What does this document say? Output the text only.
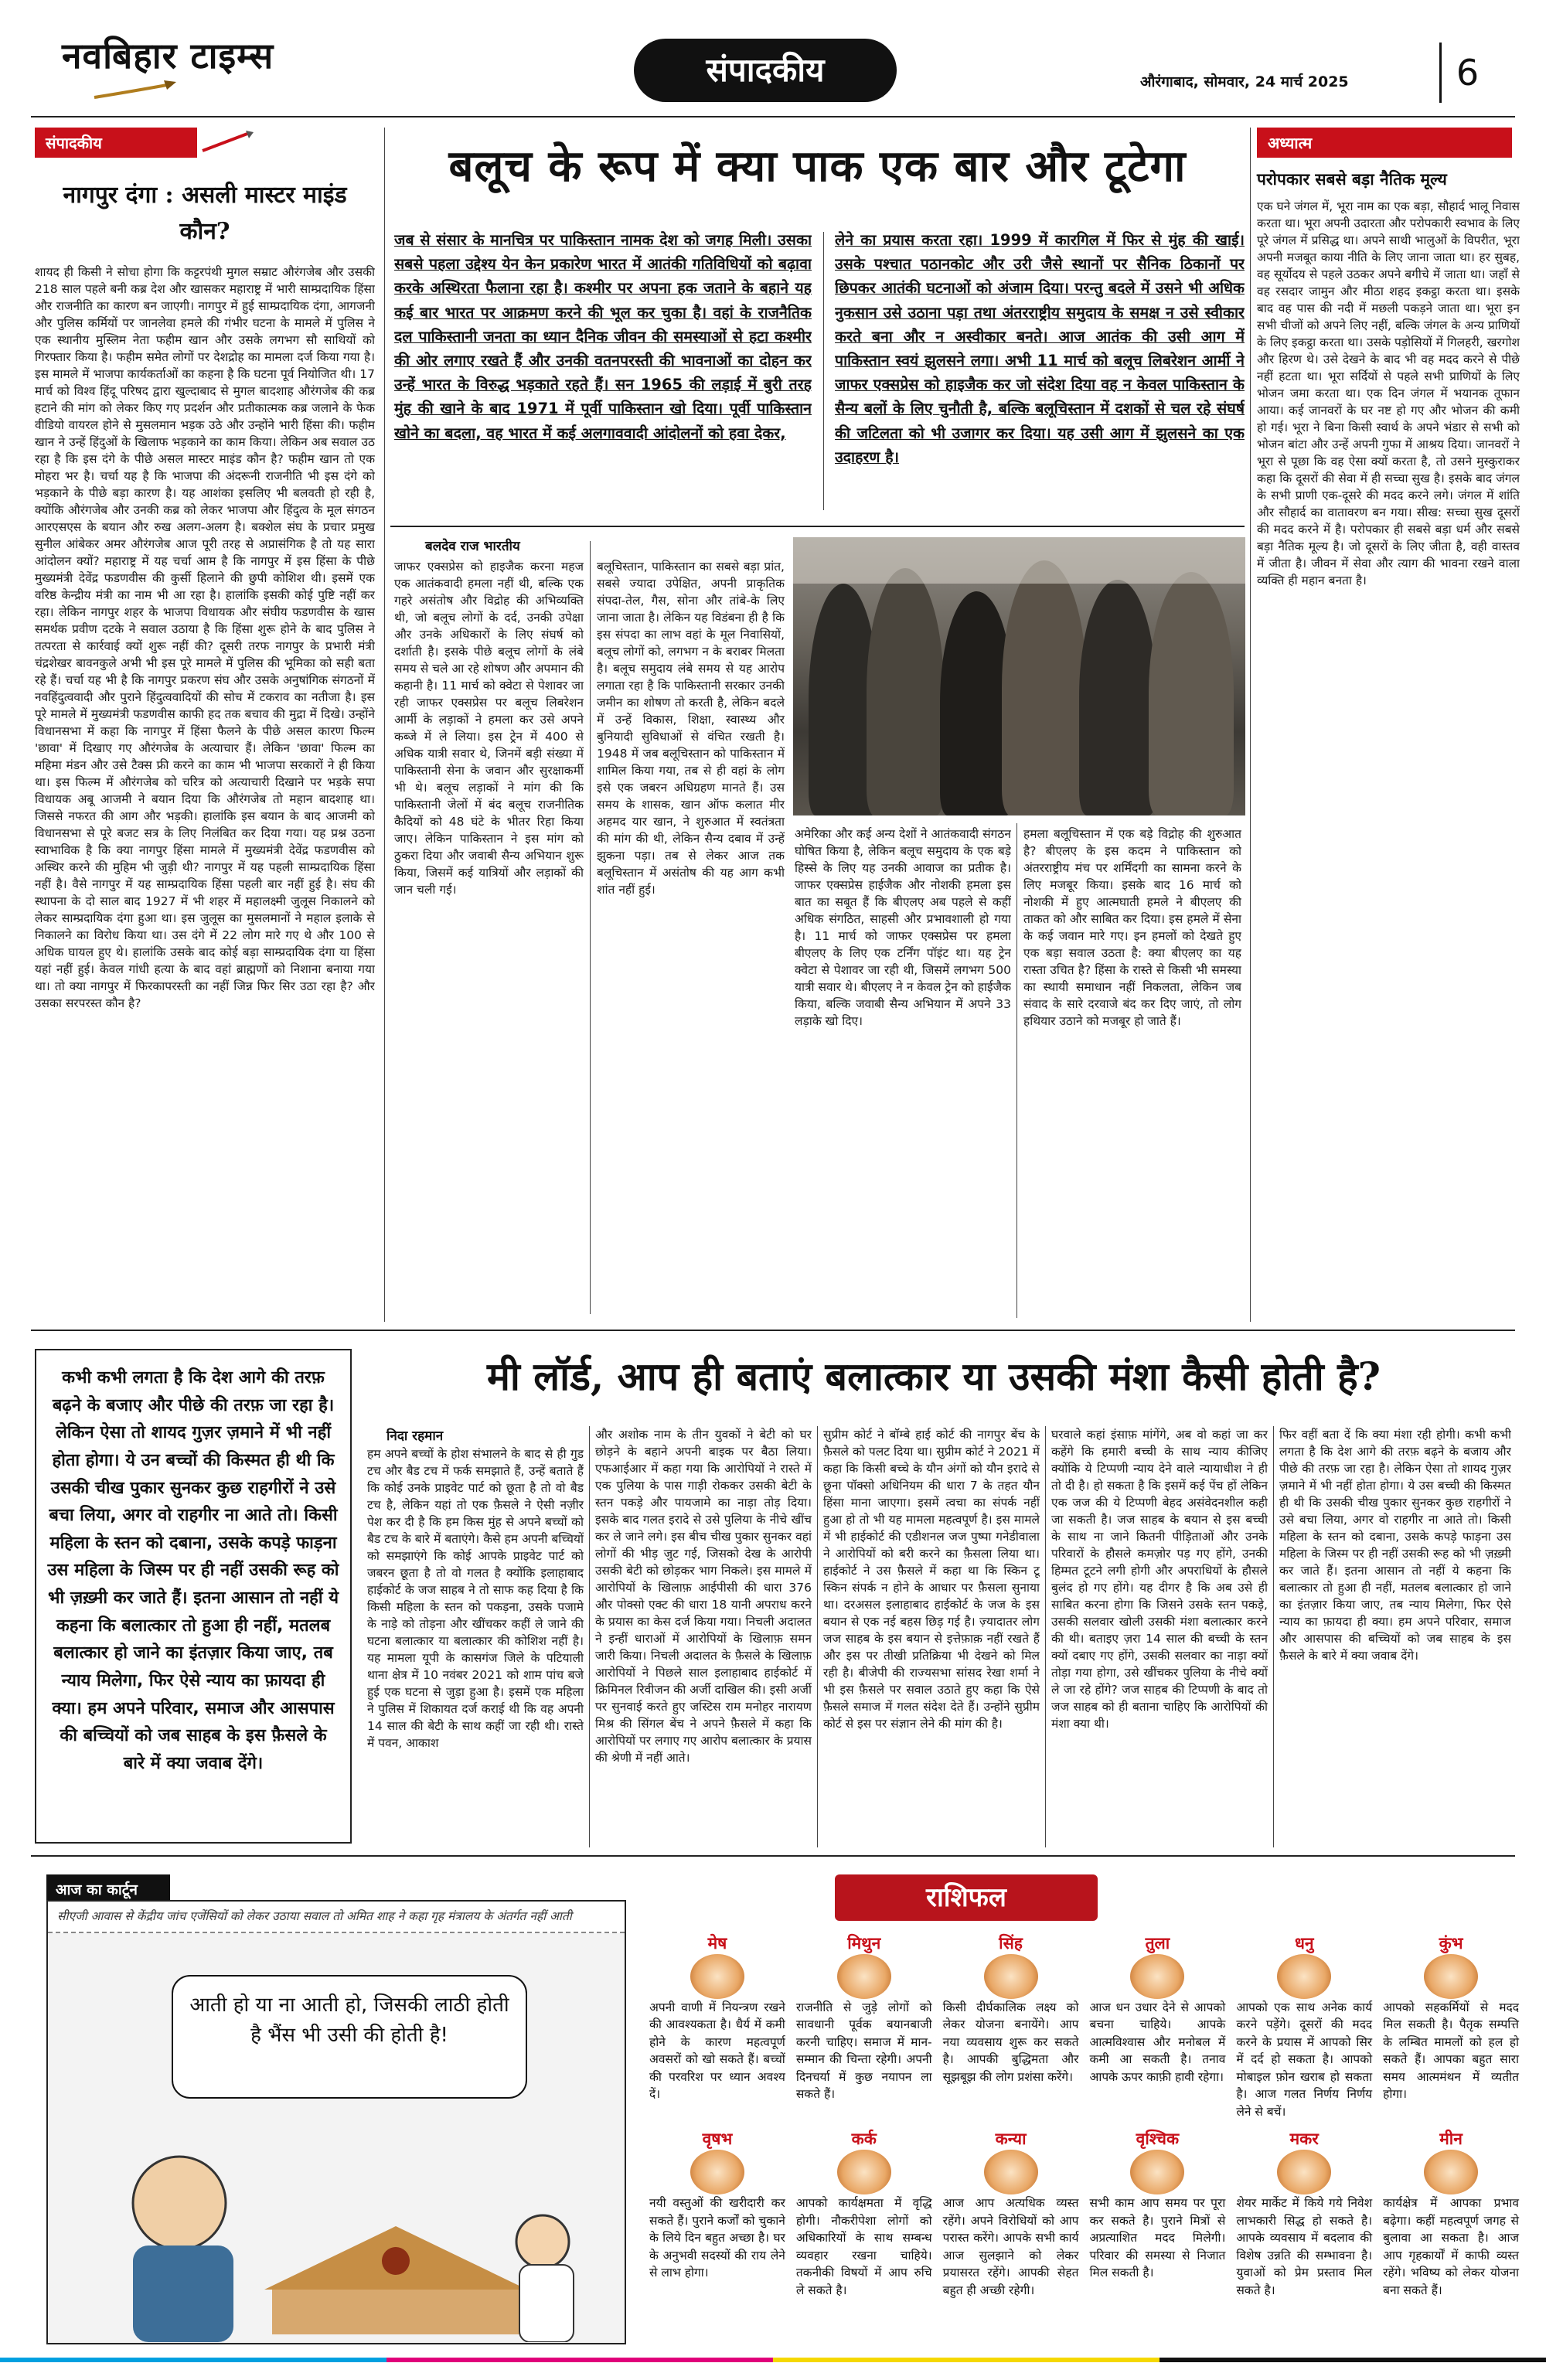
नवबिहार टाइम्स	संपादकीय	औरंगाबाद, सोमवार, 24 मार्च 2025	6
संपादकीय
नागपुर दंगा : असली मास्टर माइंड कौन?
शायद ही किसी ने सोचा होगा कि कट्टरपंथी मुगल सम्राट औरंगजेब और उसकी 218 साल पहले बनी कब्र देश और खासकर महाराष्ट्र में भारी साम्प्रदायिक हिंसा और राजनीति का कारण बन जाएगी। नागपुर में हुई साम्प्रदायिक दंगा, आगजनी और पुलिस कर्मियों पर जानलेवा हमले की गंभीर घटना के मामले में पुलिस ने एक स्थानीय मुस्लिम नेता फहीम खान और उसके लगभग सौ साथियों को गिरफ्तार किया है। फहीम समेत लोगों पर देशद्रोह का मामला दर्ज किया गया है। इस मामले में भाजपा कार्यकर्ताओं का कहना है कि घटना पूर्व नियोजित थी। 17 मार्च को विश्व हिंदू परिषद द्वारा खुल्दाबाद से मुगल बादशाह औरंगजेब की कब्र हटाने की मांग को लेकर किए गए प्रदर्शन और प्रतीकात्मक कब्र जलाने के फेक वीडियो वायरल होने से मुसलमान भड़क उठे और उन्होंने भारी हिंसा की। फहीम खान ने उन्हें हिंदुओं के खिलाफ भड़काने का काम किया। लेकिन अब सवाल उठ रहा है कि इस दंगे के पीछे असल मास्टर माइंड कौन है? फहीम खान तो एक मोहरा भर है। चर्चा यह है कि भाजपा की अंदरूनी राजनीति भी इस दंगे को भड़काने के पीछे बड़ा कारण है। यह आशंका इसलिए भी बलवती हो रही है, क्योंकि औरंगजेब और उनकी कब्र को लेकर भाजपा और हिंदुत्व के मूल संगठन आरएसएस के बयान और रुख अलग-अलग है। बक्शेल संघ के प्रचार प्रमुख सुनील आंबेकर अमर औरंगजेब आज पूरी तरह से अप्रासंगिक है तो यह सारा आंदोलन क्यों? महाराष्ट्र में यह चर्चा आम है कि नागपुर में इस हिंसा के पीछे मुख्यमंत्री देवेंद्र फडणवीस की कुर्सी हिलाने की छुपी कोशिश थी। इसमें एक वरिष्ठ केन्द्रीय मंत्री का नाम भी आ रहा है। हालांकि इसकी कोई पुष्टि नहीं कर रहा। लेकिन नागपुर शहर के भाजपा विधायक और संघीय फडणवीस के खास समर्थक प्रवीण दटके ने सवाल उठाया है कि हिंसा शुरू होने के बाद पुलिस ने तत्परता से कार्रवाई क्यों शुरू नहीं की? दूसरी तरफ नागपुर के प्रभारी मंत्री चंद्रशेखर बावनकुले अभी भी इस पूरे मामले में पुलिस की भूमिका को सही बता रहे हैं। चर्चा यह भी है कि नागपुर प्रकरण संघ और उसके अनुषांगिक संगठनों में नवहिंदुत्ववादी और पुराने हिंदुत्ववादियों की सोच में टकराव का नतीजा है। इस पूरे मामले में मुख्यमंत्री फडणवीस काफी हद तक बचाव की मुद्रा में दिखे। उन्होंने विधानसभा में कहा कि नागपुर में हिंसा फैलने के पीछे असल कारण फिल्म 'छावा' में दिखाए गए औरंगजेब के अत्याचार हैं। लेकिन 'छावा' फिल्म का महिमा मंडन और उसे टैक्स फ्री करने का काम भी भाजपा सरकारों ने ही किया था। इस फिल्म में औरंगजेब को चरित्र को अत्याचारी दिखाने पर भड़के सपा विधायक अबू आजमी ने बयान दिया कि औरंगजेब तो महान बादशाह था। जिससे नफरत की आग और भड़की। हालांकि इस बयान के बाद आजमी को विधानसभा से पूरे बजट सत्र के लिए निलंबित कर दिया गया। यह प्रश्न उठना स्वाभाविक है कि क्या नागपुर हिंसा मामले में मुख्यमंत्री देवेंद्र फडणवीस को अस्थिर करने की मुहिम भी जुड़ी थी? नागपुर में यह पहली साम्प्रदायिक हिंसा नहीं है। वैसे नागपुर में यह साम्प्रदायिक हिंसा पहली बार नहीं हुई है। संघ की स्थापना के दो साल बाद 1927 में भी शहर में महालक्ष्मी जुलूस निकालने को लेकर साम्प्रदायिक दंगा हुआ था। इस जुलूस का मुसलमानों ने महाल इलाके से निकालने का विरोध किया था। उस दंगे में 22 लोग मारे गए थे और 100 से अधिक घायल हुए थे। हालांकि उसके बाद कोई बड़ा साम्प्रदायिक दंगा या हिंसा यहां नहीं हुई। केवल गांधी हत्या के बाद वहां ब्राह्मणों को निशाना बनाया गया था। तो क्या नागपुर में फिरकापरस्ती का नहीं जिन्न फिर सिर उठा रहा है? और उसका सरपरस्त कौन है?
बलूच के रूप में क्या पाक एक बार और टूटेगा
जब से संसार के मानचित्र पर पाकिस्तान नामक देश को जगह मिली। उसका सबसे पहला उद्देश्य येन केन प्रकारेण भारत में आतंकी गतिविधियों को बढ़ावा करके अस्थिरता फैलाना रहा है। कश्मीर पर अपना हक जताने के बहाने यह कई बार भारत पर आक्रमण करने की भूल कर चुका है। वहां के राजनैतिक दल पाकिस्तानी जनता का ध्यान दैनिक जीवन की समस्याओं से हटा कश्मीर की ओर लगाए रखते हैं और उनकी वतनपरस्ती की भावनाओं का दोहन कर उन्हें भारत के विरुद्ध भड़काते रहते हैं। सन 1965 की लड़ाई में बुरी तरह मुंह की खाने के बाद 1971 में पूर्वी पाकिस्तान खो दिया। पूर्वी पाकिस्तान खोने का बदला, वह भारत में कई अलगाववादी आंदोलनों को हवा देकर,
लेने का प्रयास करता रहा। 1999 में कारगिल में फिर से मुंह की खाई। उसके पश्चात पठानकोट और उरी जैसे स्थानों पर सैनिक ठिकानों पर छिपकर आतंकी घटनाओं को अंजाम दिया। परन्तु बदले में उसने भी अधिक नुकसान उसे उठाना पड़ा तथा अंतरराष्ट्रीय समुदाय के समक्ष न उसे स्वीकार करते बना और न अस्वीकार बनते। आज आतंक की उसी आग में पाकिस्तान स्वयं झुलसने लगा। अभी 11 मार्च को बलूच लिबरेशन आर्मी ने जाफर एक्सप्रेस को हाइजैक कर जो संदेश दिया वह न केवल पाकिस्तान के सैन्य बलों के लिए चुनौती है, बल्कि बलूचिस्तान में दशकों से चल रहे संघर्ष की जटिलता को भी उजागर कर दिया। यह उसी आग में झुलसने का एक उदाहरण है।
बलदेव राज भारतीय
जाफर एक्सप्रेस को हाइजैक करना महज एक आतंकवादी हमला नहीं थी, बल्कि एक गहरे असंतोष और विद्रोह की अभिव्यक्ति थी, जो बलूच लोगों के दर्द, उनकी उपेक्षा और उनके अधिकारों के लिए संघर्ष को दर्शाती है। इसके पीछे बलूच लोगों के लंबे समय से चले आ रहे शोषण और अपमान की कहानी है। 11 मार्च को क्वेटा से पेशावर जा रही जाफर एक्सप्रेस पर बलूच लिबरेशन आर्मी के लड़ाकों ने हमला कर उसे अपने कब्जे में ले लिया। इस ट्रेन में 400 से अधिक यात्री सवार थे, जिनमें बड़ी संख्या में पाकिस्तानी सेना के जवान और सुरक्षाकर्मी भी थे। बलूच लड़ाकों ने मांग की कि पाकिस्तानी जेलों में बंद बलूच राजनीतिक कैदियों को 48 घंटे के भीतर रिहा किया जाए। लेकिन पाकिस्तान ने इस मांग को ठुकरा दिया और जवाबी सैन्य अभियान शुरू किया, जिसमें कई यात्रियों और लड़ाकों की जान चली गई।
बलूचिस्तान, पाकिस्तान का सबसे बड़ा प्रांत, सबसे ज्यादा उपेक्षित, अपनी प्राकृतिक संपदा-तेल, गैस, सोना और तांबे-के लिए जाना जाता है। लेकिन यह विडंबना ही है कि इस संपदा का लाभ वहां के मूल निवासियों, बलूच लोगों को, लगभग न के बराबर मिलता है। बलूच समुदाय लंबे समय से यह आरोप लगाता रहा है कि पाकिस्तानी सरकार उनकी जमीन का शोषण तो करती है, लेकिन बदले में उन्हें विकास, शिक्षा, स्वास्थ्य और बुनियादी सुविधाओं से वंचित रखती है। 1948 में जब बलूचिस्तान को पाकिस्तान में शामिल किया गया, तब से ही वहां के लोग इसे एक जबरन अधिग्रहण मानते हैं। उस समय के शासक, खान ऑफ कलात मीर अहमद यार खान, ने शुरुआत में स्वतंत्रता की मांग की थी, लेकिन सैन्य दबाव में उन्हें झुकना पड़ा। तब से लेकर आज तक बलूचिस्तान में असंतोष की यह आग कभी शांत नहीं हुई।
अमेरिका और कई अन्य देशों ने आतंकवादी संगठन घोषित किया है, लेकिन बलूच समुदाय के एक बड़े हिस्से के लिए यह उनकी आवाज का प्रतीक है। जाफर एक्सप्रेस हाईजैक और नोशकी हमला इस बात का सबूत हैं कि बीएलए अब पहले से कहीं अधिक संगठित, साहसी और प्रभावशाली हो गया है। 11 मार्च को जाफर एक्सप्रेस पर हमला बीएलए के लिए एक टर्निंग पॉइंट था। यह ट्रेन क्वेटा से पेशावर जा रही थी, जिसमें लगभग 500 यात्री सवार थे। बीएलए ने न केवल ट्रेन को हाईजैक किया, बल्कि जवाबी सैन्य अभियान में अपने 33 लड़ाके खो दिए।
हमला बलूचिस्तान में एक बड़े विद्रोह की शुरुआत है? बीएलए के इस कदम ने पाकिस्तान को अंतरराष्ट्रीय मंच पर शर्मिंदगी का सामना करने के लिए मजबूर किया। इसके बाद 16 मार्च को नोशकी में हुए आत्मघाती हमले ने बीएलए की ताकत को और साबित कर दिया। इस हमले में सेना के कई जवान मारे गए। इन हमलों को देखते हुए एक बड़ा सवाल उठता है: क्या बीएलए का यह रास्ता उचित है? हिंसा के रास्ते से किसी भी समस्या का स्थायी समाधान नहीं निकलता, लेकिन जब संवाद के सारे दरवाजे बंद कर दिए जाएं, तो लोग हथियार उठाने को मजबूर हो जाते हैं।
अध्यात्म
परोपकार सबसे बड़ा नैतिक मूल्य
एक घने जंगल में, भूरा नाम का एक बड़ा, सौहार्द भालू निवास करता था। भूरा अपनी उदारता और परोपकारी स्वभाव के लिए पूरे जंगल में प्रसिद्ध था। अपने साथी भालुओं के विपरीत, भूरा अपनी मजबूत काया नीति के लिए जाना जाता था। हर सुबह, वह सूर्योदय से पहले उठकर अपने बगीचे में जाता था। जहाँ से वह रसदार जामुन और मीठा शहद इकट्ठा करता था। इसके बाद वह पास की नदी में मछली पकड़ने जाता था। भूरा इन सभी चीजों को अपने लिए नहीं, बल्कि जंगल के अन्य प्राणियों के लिए इकट्ठा करता था। उसके पड़ोसियों में गिलहरी, खरगोश और हिरण थे। उसे देखने के बाद भी वह मदद करने से पीछे नहीं हटता था। भूरा सर्दियों से पहले सभी प्राणियों के लिए भोजन जमा करता था। एक दिन जंगल में भयानक तूफान आया। कई जानवरों के घर नष्ट हो गए और भोजन की कमी हो गई। भूरा ने बिना किसी स्वार्थ के अपने भंडार से सभी को भोजन बांटा और उन्हें अपनी गुफा में आश्रय दिया। जानवरों ने भूरा से पूछा कि वह ऐसा क्यों करता है, तो उसने मुस्कुराकर कहा कि दूसरों की सेवा में ही सच्चा सुख है। इसके बाद जंगल के सभी प्राणी एक-दूसरे की मदद करने लगे। जंगल में शांति और सौहार्द का वातावरण बन गया। सीख: सच्चा सुख दूसरों की मदद करने में है। परोपकार ही सबसे बड़ा धर्म और सबसे बड़ा नैतिक मूल्य है। जो दूसरों के लिए जीता है, वही वास्तव में जीता है। जीवन में सेवा और त्याग की भावना रखने वाला व्यक्ति ही महान बनता है।
कभी कभी लगता है कि देश आगे की तरफ़ बढ़ने के बजाए और पीछे की तरफ़ जा रहा है। लेकिन ऐसा तो शायद गुज़र ज़माने में भी नहीं होता होगा। ये उन बच्चों की किस्मत ही थी कि उसकी चीख पुकार सुनकर कुछ राहगीरों ने उसे बचा लिया, अगर वो राहगीर ना आते तो। किसी महिला के स्तन को दबाना, उसके कपड़े फाड़ना उस महिला के जिस्म पर ही नहीं उसकी रूह को भी ज़ख़्मी कर जाते हैं। इतना आसान तो नहीं ये कहना कि बलात्कार तो हुआ ही नहीं, मतलब बलात्कार हो जाने का इंतज़ार किया जाए, तब न्याय मिलेगा, फिर ऐसे न्याय का फ़ायदा ही क्या। हम अपने परिवार, समाज और आसपास की बच्चियों को जब साहब के इस फ़ैसले के बारे में क्या जवाब देंगे।
मी लॉर्ड, आप ही बताएं बलात्कार या उसकी मंशा कैसी होती है?
निदा रहमान
हम अपने बच्चों के होश संभालने के बाद से ही गुड टच और बैड टच में फर्क समझाते हैं, उन्हें बताते हैं कि कोई उनके प्राइवेट पार्ट को छूता है तो वो बैड टच है, लेकिन यहां तो एक फ़ैसले ने ऐसी नज़ीर पेश कर दी है कि हम किस मुंह से अपने बच्चों को बैड टच के बारे में बताएंगे। कैसे हम अपनी बच्चियों को समझाएंगे कि कोई आपके प्राइवेट पार्ट को जबरन छूता है तो वो गलत है क्योंकि इलाहाबाद हाईकोर्ट के जज साहब ने तो साफ कह दिया है कि किसी महिला के स्तन को पकड़ना, उसके पजामे के नाड़े को तोड़ना और खींचकर कहीं ले जाने की घटना बलात्कार या बलात्कार की कोशिश नहीं है। यह मामला यूपी के कासगंज जिले के पटियाली थाना क्षेत्र में 10 नवंबर 2021 को शाम पांच बजे हुई एक घटना से जुड़ा हुआ है। इसमें एक महिला ने पुलिस में शिकायत दर्ज कराई थी कि वह अपनी 14 साल की बेटी के साथ कहीं जा रही थी। रास्ते में पवन, आकाश
और अशोक नाम के तीन युवकों ने बेटी को घर छोड़ने के बहाने अपनी बाइक पर बैठा लिया। एफआईआर में कहा गया कि आरोपियों ने रास्ते में एक पुलिया के पास गाड़ी रोककर उसकी बेटी के स्तन पकड़े और पायजामे का नाड़ा तोड़ दिया। इसके बाद गलत इरादे से उसे पुलिया के नीचे खींच कर ले जाने लगे। इस बीच चीख पुकार सुनकर वहां लोगों की भीड़ जुट गई, जिसको देख के आरोपी उसकी बेटी को छोड़कर भाग निकले। इस मामले में आरोपियों के खिलाफ़ आईपीसी की धारा 376 और पोक्सो एक्ट की धारा 18 यानी अपराध करने के प्रयास का केस दर्ज किया गया। निचली अदालत ने इन्हीं धाराओं में आरोपियों के खिलाफ़ समन जारी किया। निचली अदालत के फ़ैसले के खिलाफ़ आरोपियों ने पिछले साल इलाहाबाद हाईकोर्ट में क्रिमिनल रिवीजन की अर्जी दाखिल की। इसी अर्जी पर सुनवाई करते हुए जस्टिस राम मनोहर नारायण मिश्र की सिंगल बेंच ने अपने फ़ैसले में कहा कि आरोपियों पर लगाए गए आरोप बलात्कार के प्रयास की श्रेणी में नहीं आते।
सुप्रीम कोर्ट ने बॉम्बे हाई कोर्ट की नागपुर बेंच के फ़ैसले को पलट दिया था। सुप्रीम कोर्ट ने 2021 में कहा कि किसी बच्चे के यौन अंगों को यौन इरादे से छूना पॉक्सो अधिनियम की धारा 7 के तहत यौन हिंसा माना जाएगा। इसमें त्वचा का संपर्क नहीं हुआ हो तो भी यह मामला महत्वपूर्ण है। इस मामले में भी हाईकोर्ट की एडीशनल जज पुष्पा गनेडीवाला ने आरोपियों को बरी करने का फ़ैसला लिया था। हाईकोर्ट ने उस फ़ैसले में कहा था कि स्किन टू स्किन संपर्क न होने के आधार पर फ़ैसला सुनाया था। दरअसल इलाहाबाद हाईकोर्ट के जज के इस बयान से एक नई बहस छिड़ गई है। ज़्यादातर लोग जज साहब के इस बयान से इत्तेफ़ाक़ नहीं रखते हैं और इस पर तीखी प्रतिक्रिया भी देखने को मिल रही है। बीजेपी की राज्यसभा सांसद रेखा शर्मा ने भी इस फ़ैसले पर सवाल उठाते हुए कहा कि ऐसे फ़ैसले समाज में गलत संदेश देते हैं। उन्होंने सुप्रीम कोर्ट से इस पर संज्ञान लेने की मांग की है।
घरवाले कहां इंसाफ़ मांगेंगे, अब वो कहां जा कर कहेंगे कि हमारी बच्ची के साथ न्याय कीजिए क्योंकि ये टिप्पणी न्याय देने वाले न्यायाधीश ने ही तो दी है। हो सकता है कि इसमें कई पेंच हों लेकिन एक जज की ये टिप्पणी बेहद असंवेदनशील कही जा सकती है। जज साहब के बयान से इस बच्ची के साथ ना जाने कितनी पीड़िताओं और उनके परिवारों के हौसले कमज़ोर पड़ गए होंगे, उनकी हिम्मत टूटने लगी होगी और अपराधियों के हौसले बुलंद हो गए होंगे। यह दीगर है कि अब उसे ही साबित करना होगा कि जिसने उसके स्तन पकड़े, उसकी सलवार खोली उसकी मंशा बलात्कार करने की थी। बताइए ज़रा 14 साल की बच्ची के स्तन क्यों दबाए गए होंगे, उसकी सलवार का नाड़ा क्यों तोड़ा गया होगा, उसे खींचकर पुलिया के नीचे क्यों ले जा रहे होंगे? जज साहब की टिप्पणी के बाद तो जज साहब को ही बताना चाहिए कि आरोपियों की मंशा क्या थी।
फिर वहीं बता दें कि क्या मंशा रही होगी। कभी कभी लगता है कि देश आगे की तरफ़ बढ़ने के बजाय और पीछे की तरफ़ जा रहा है। लेकिन ऐसा तो शायद गुज़र ज़माने में भी नहीं होता होगा। ये उस बच्ची की किस्मत ही थी कि उसकी चीख पुकार सुनकर कुछ राहगीरों ने उसे बचा लिया, अगर वो राहगीर ना आते तो। किसी महिला के स्तन को दबाना, उसके कपड़े फाड़ना उस महिला के जिस्म पर ही नहीं उसकी रूह को भी ज़ख़्मी कर जाते हैं। इतना आसान तो नहीं ये कहना कि बलात्कार तो हुआ ही नहीं, मतलब बलात्कार हो जाने का इंतज़ार किया जाए, तब न्याय मिलेगा, फिर ऐसे न्याय का फ़ायदा ही क्या। हम अपने परिवार, समाज और आसपास की बच्चियों को जब साहब के इस फ़ैसले के बारे में क्या जवाब देंगे।
आज का कार्टून
सीएजी आवास से केंद्रीय जांच एजेंसियों को लेकर उठाया सवाल तो अमित शाह ने कहा गृह मंत्रालय के अंतर्गत नहीं आती
आती हो या ना आती हो, जिसकी लाठी होती है भैंस भी उसी की होती है!
राशिफल
मेष
अपनी वाणी में नियन्त्रण रखने की आवश्यकता है। धैर्य में कमी होने के कारण महत्वपूर्ण अवसरों को खो सकते हैं। बच्चों की परवरिश पर ध्यान अवश्य दें।
मिथुन
राजनीति से जुड़े लोगों को सावधानी पूर्वक बयानबाजी करनी चाहिए। समाज में मान-सम्मान की चिन्ता रहेगी। अपनी दिनचर्या में कुछ नयापन ला सकते हैं।
सिंह
किसी दीर्घकालिक लक्ष्य को लेकर योजना बनायेंगे। आप नया व्यवसाय शुरू कर सकते है। आपकी बुद्धिमता और सूझबूझ की लोग प्रशंसा करेंगे।
तुला
आज धन उधार देने से आपको बचना चाहिये। आपके आत्मविश्वास और मनोबल में कमी आ सकती है। तनाव आपके ऊपर काफ़ी हावी रहेगा।
धनु
आपको एक साथ अनेक कार्य करने पड़ेंगे। दूसरों की मदद करने के प्रयास में आपको सिर में दर्द हो सकता है। आपको मोबाइल फ़ोन खराब हो सकता है। आज गलत निर्णय निर्णय लेने से बचें।
कुंभ
आपको सहकर्मियों से मदद मिल सकती है। पैतृक सम्पत्ति के लम्बित मामलों को हल हो सकते हैं। आपका बहुत सारा समय आत्ममंथन में व्यतीत होगा।
वृषभ
नयी वस्तुओं की खरीदारी कर सकते हैं। पुराने कर्जों को चुकाने के लिये दिन बहुत अच्छा है। घर के अनुभवी सदस्यों की राय लेने से लाभ होगा।
कर्क
आपको कार्यक्षमता में वृद्धि होगी। नौकरीपेशा लोगों को अधिकारियों के साथ सम्बन्ध व्यवहार रखना चाहिये। तकनीकी विषयों में आप रुचि ले सकते है।
कन्या
आज आप अत्यधिक व्यस्त रहेंगे। अपने विरोधियों को आप परास्त करेंगे। आपके सभी कार्य आज सुलझाने को लेकर प्रयासरत रहेंगे। आपकी सेहत बहुत ही अच्छी रहेगी।
वृश्चिक
सभी काम आप समय पर पूरा कर सकते है। पुराने मित्रों से अप्रत्याशित मदद मिलेगी। परिवार की समस्या से निजात मिल सकती है।
मकर
शेयर मार्केट में किये गये निवेश लाभकारी सिद्ध हो सकते है। आपके व्यवसाय में बदलाव की विशेष उन्नति की सम्भावना है। युवाओं को प्रेम प्रस्ताव मिल सकते है।
मीन
कार्यक्षेत्र में आपका प्रभाव बढ़ेगा। कहीं महत्वपूर्ण जगह से बुलावा आ सकता है। आज आप गृहकार्यों में काफी व्यस्त रहेंगे। भविष्य को लेकर योजना बना सकते हैं।
